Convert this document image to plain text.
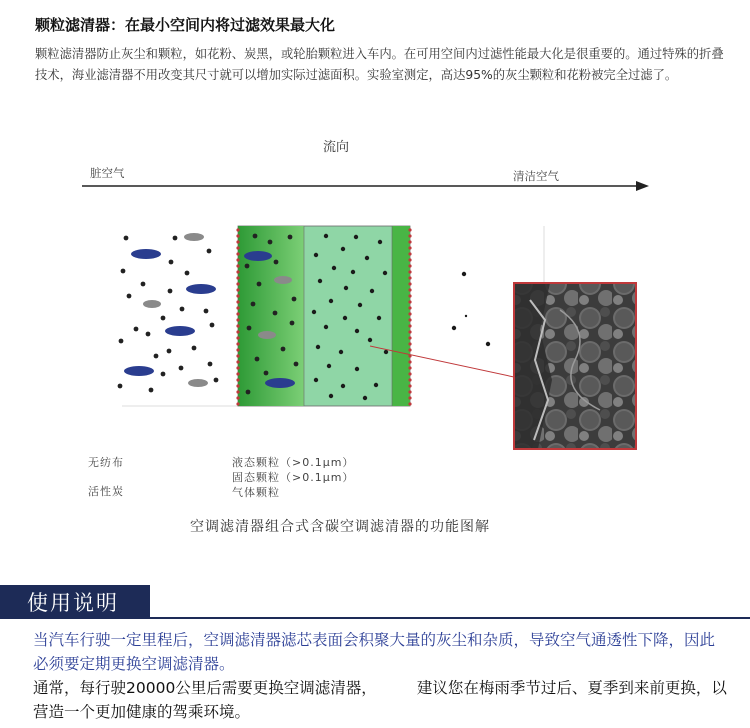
颗粒滤清器：在最小空间内将过滤效果最大化
颗粒滤清器防止灰尘和颗粒，如花粉、炭黑，或轮胎颗粒进入车内。在可用空间内过滤性能最大化是很重要的。通过特殊的折叠技术，海业滤清器不用改变其尺寸就可以增加实际过滤面积。实验室测定，高达95%的灰尘颗粒和花粉被完全过滤了。
流向
脏空气	清洁空气
无纺布
活性炭
液态颗粒（>0.1μm）
固态颗粒（>0.1μm）
气体颗粒
空调滤清器组合式含碳空调滤清器的功能图解
使用说明
当汽车行驶一定里程后，空调滤清器滤芯表面会积聚大量的灰尘和杂质，导致空气通透性下降，因此必须要定期更换空调滤清器。
通常，每行驶20000公里后需要更换空调滤清器，	建议您在梅雨季节过后、夏季到来前更换，以营造一个更加健康的驾乘环境。
